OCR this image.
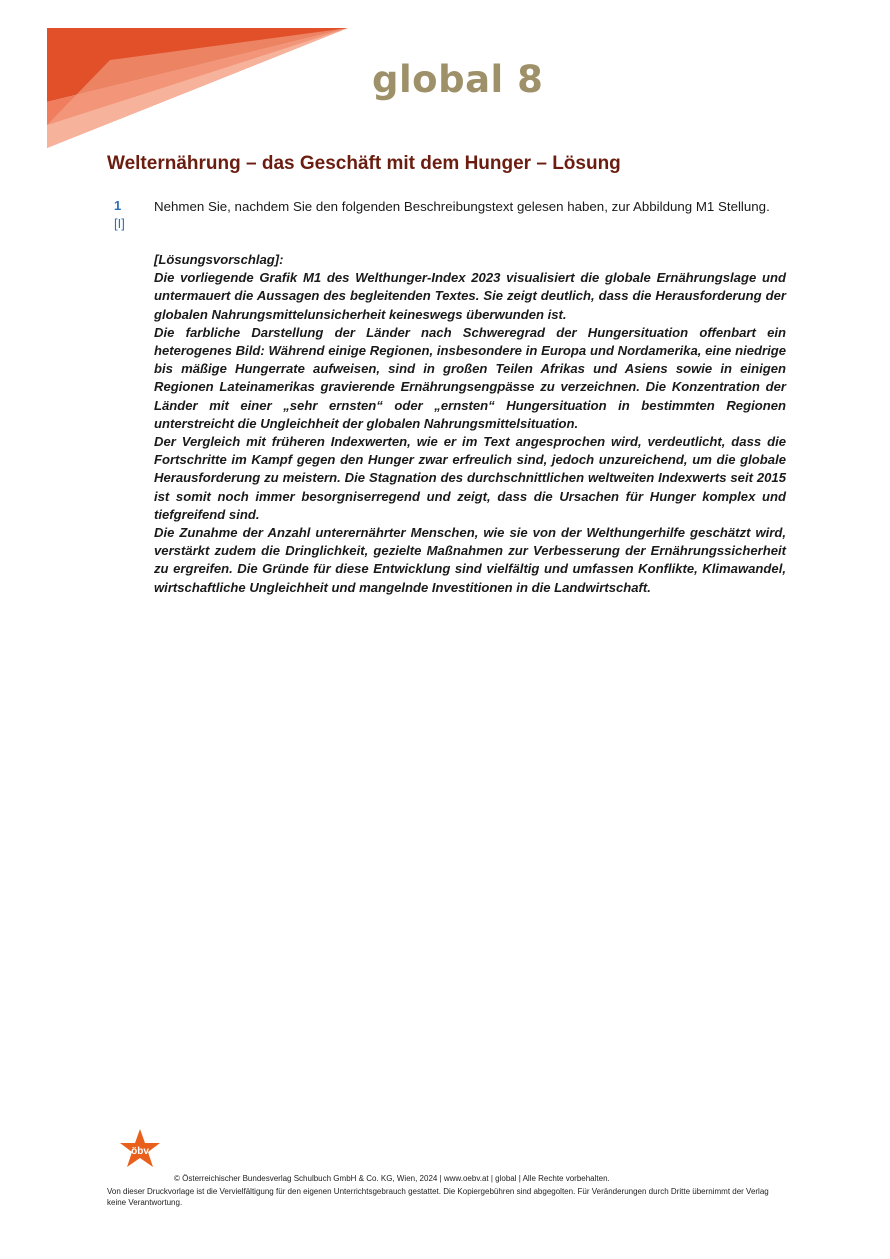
global 8
Welternährung – das Geschäft mit dem Hunger – Lösung
1
[I]
Nehmen Sie, nachdem Sie den folgenden Beschreibungstext gelesen haben, zur Abbildung M1 Stellung.

[Lösungsvorschlag]:

Die vorliegende Grafik M1 des Welthunger-Index 2023 visualisiert die globale Ernährungslage und untermauert die Aussagen des begleitenden Textes. Sie zeigt deutlich, dass die Herausforderung der globalen Nahrungsmittelunsicherheit keineswegs überwunden ist.

Die farbliche Darstellung der Länder nach Schweregrad der Hungersituation offenbart ein heterogenes Bild: Während einige Regionen, insbesondere in Europa und Nordamerika, eine niedrige bis mäßige Hungerrate aufweisen, sind in großen Teilen Afrikas und Asiens sowie in einigen Regionen Lateinamerikas gravierende Ernährungsengpässe zu verzeichnen. Die Konzentration der Länder mit einer „sehr ernsten“ oder „ernsten“ Hungersituation in bestimmten Regionen unterstreicht die Ungleichheit der globalen Nahrungsmittelsituation.

Der Vergleich mit früheren Indexwerten, wie er im Text angesprochen wird, verdeutlicht, dass die Fortschritte im Kampf gegen den Hunger zwar erfreulich sind, jedoch unzureichend, um die globale Herausforderung zu meistern. Die Stagnation des durchschnittlichen weltweiten Indexwerts seit 2015 ist somit noch immer besorgniserregend und zeigt, dass die Ursachen für Hunger komplex und tiefgreifend sind.

Die Zunahme der Anzahl unterernährter Menschen, wie sie von der Welthungerhilfe geschätzt wird, verstärkt zudem die Dringlichkeit, gezielte Maßnahmen zur Verbesserung der Ernährungssicherheit zu ergreifen. Die Gründe für diese Entwicklung sind vielfältig und umfassen Konflikte, Klimawandel, wirtschaftliche Ungleichheit und mangelnde Investitionen in die Landwirtschaft.

öbv
© Österreichischer Bundesverlag Schulbuch GmbH & Co. KG, Wien, 2024 | www.oebv.at | global | Alle Rechte vorbehalten.
Von dieser Druckvorlage ist die Vervielfältigung für den eigenen Unterrichtsgebrauch gestattet. Die Kopiergebühren sind abgegolten. Für Veränderungen durch Dritte übernimmt der Verlag keine Verantwortung.
